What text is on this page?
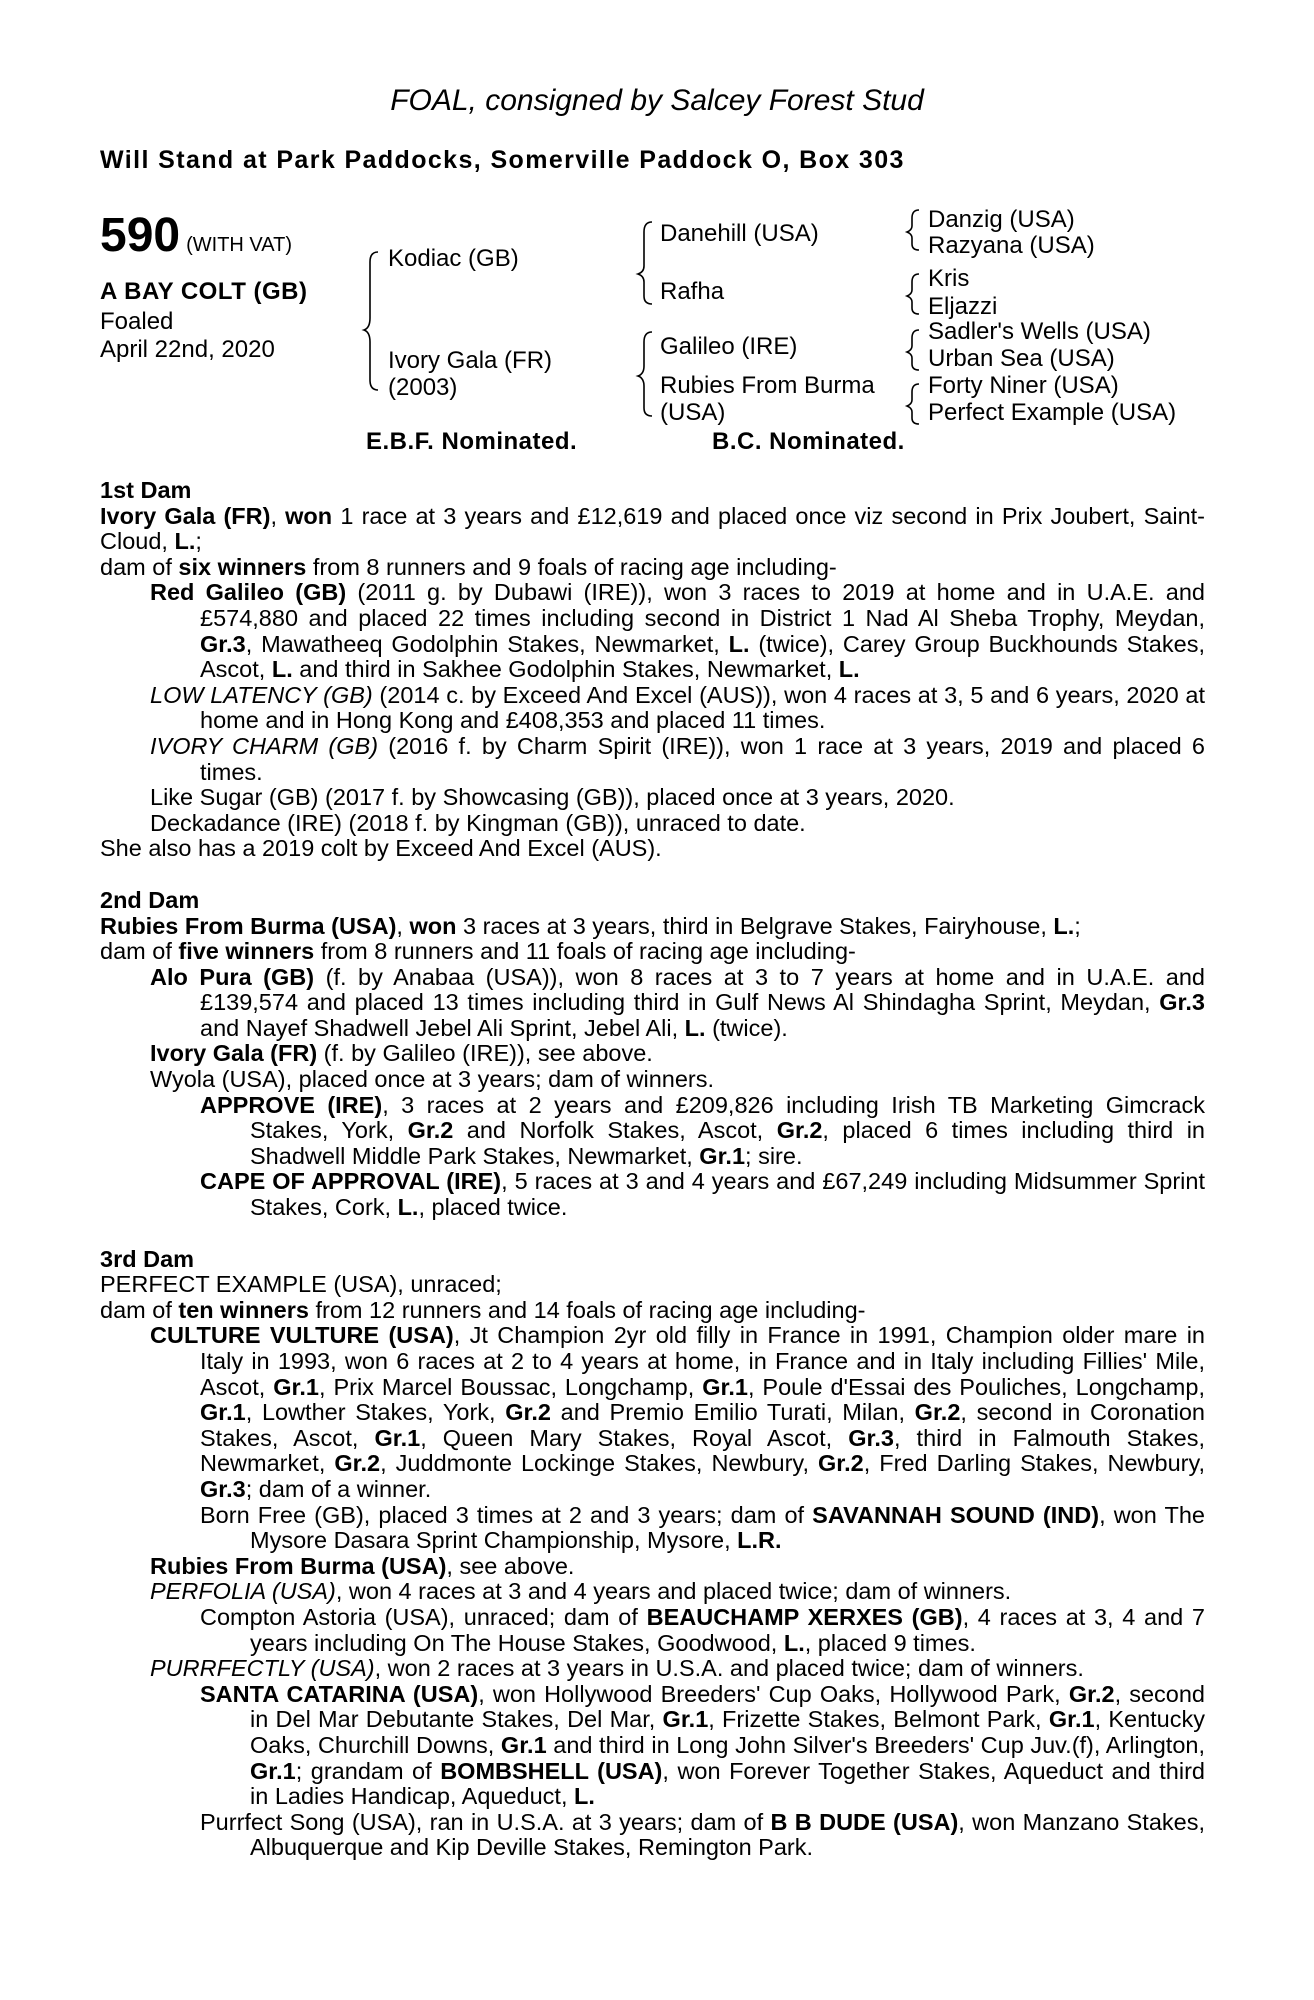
FOAL, consigned by Salcey Forest Stud
Will Stand at Park Paddocks, Somerville Paddock O, Box 303
590 (WITH VAT)
A BAY COLT (GB)
Foaled
April 22nd, 2020
Kodiac (GB)
Ivory Gala (FR)
(2003)
Danehill (USA)
Rafha
Galileo (IRE)
Rubies From Burma
(USA)
Danzig (USA)
Razyana (USA)
Kris
Eljazzi
Sadler's Wells (USA)
Urban Sea (USA)
Forty Niner (USA)
Perfect Example (USA)
E.B.F. Nominated.	B.C. Nominated.

1st Dam

Ivory Gala (FR), won 1 race at 3 years and £12,619 and placed once viz second in Prix Joubert, Saint-Cloud, L.;

dam of six winners from 8 runners and 9 foals of racing age including-

Red Galileo (GB) (2011 g. by Dubawi (IRE)), won 3 races to 2019 at home and in U.A.E. and £574,880 and placed 22 times including second in District 1 Nad Al Sheba Trophy, Meydan, Gr.3, Mawatheeq Godolphin Stakes, Newmarket, L. (twice), Carey Group Buckhounds Stakes, Ascot, L. and third in Sakhee Godolphin Stakes, Newmarket, L.

LOW LATENCY (GB) (2014 c. by Exceed And Excel (AUS)), won 4 races at 3, 5 and 6 years, 2020 at home and in Hong Kong and £408,353 and placed 11 times.

IVORY CHARM (GB) (2016 f. by Charm Spirit (IRE)), won 1 race at 3 years, 2019 and placed 6 times.

Like Sugar (GB) (2017 f. by Showcasing (GB)), placed once at 3 years, 2020.

Deckadance (IRE) (2018 f. by Kingman (GB)), unraced to date.

She also has a 2019 colt by Exceed And Excel (AUS).

2nd Dam

Rubies From Burma (USA), won 3 races at 3 years, third in Belgrave Stakes, Fairyhouse, L.;

dam of five winners from 8 runners and 11 foals of racing age including-

Alo Pura (GB) (f. by Anabaa (USA)), won 8 races at 3 to 7 years at home and in U.A.E. and £139,574 and placed 13 times including third in Gulf News Al Shindagha Sprint, Meydan, Gr.3 and Nayef Shadwell Jebel Ali Sprint, Jebel Ali, L. (twice).

Ivory Gala (FR) (f. by Galileo (IRE)), see above.

Wyola (USA), placed once at 3 years; dam of winners.

APPROVE (IRE), 3 races at 2 years and £209,826 including Irish TB Marketing Gimcrack Stakes, York, Gr.2 and Norfolk Stakes, Ascot, Gr.2, placed 6 times including third in Shadwell Middle Park Stakes, Newmarket, Gr.1; sire.

CAPE OF APPROVAL (IRE), 5 races at 3 and 4 years and £67,249 including Midsummer Sprint Stakes, Cork, L., placed twice.

3rd Dam

PERFECT EXAMPLE (USA), unraced;

dam of ten winners from 12 runners and 14 foals of racing age including-

CULTURE VULTURE (USA), Jt Champion 2yr old filly in France in 1991, Champion older mare in Italy in 1993, won 6 races at 2 to 4 years at home, in France and in Italy including Fillies' Mile, Ascot, Gr.1, Prix Marcel Boussac, Longchamp, Gr.1, Poule d'Essai des Pouliches, Longchamp, Gr.1, Lowther Stakes, York, Gr.2 and Premio Emilio Turati, Milan, Gr.2, second in Coronation Stakes, Ascot, Gr.1, Queen Mary Stakes, Royal Ascot, Gr.3, third in Falmouth Stakes, Newmarket, Gr.2, Juddmonte Lockinge Stakes, Newbury, Gr.2, Fred Darling Stakes, Newbury, Gr.3; dam of a winner.

Born Free (GB), placed 3 times at 2 and 3 years; dam of SAVANNAH SOUND (IND), won The Mysore Dasara Sprint Championship, Mysore, L.R.

Rubies From Burma (USA), see above.

PERFOLIA (USA), won 4 races at 3 and 4 years and placed twice; dam of winners.

Compton Astoria (USA), unraced; dam of BEAUCHAMP XERXES (GB), 4 races at 3, 4 and 7 years including On The House Stakes, Goodwood, L., placed 9 times.

PURRFECTLY (USA), won 2 races at 3 years in U.S.A. and placed twice; dam of winners.

SANTA CATARINA (USA), won Hollywood Breeders' Cup Oaks, Hollywood Park, Gr.2, second in Del Mar Debutante Stakes, Del Mar, Gr.1, Frizette Stakes, Belmont Park, Gr.1, Kentucky Oaks, Churchill Downs, Gr.1 and third in Long John Silver's Breeders' Cup Juv.(f), Arlington, Gr.1; grandam of BOMBSHELL (USA), won Forever Together Stakes, Aqueduct and third in Ladies Handicap, Aqueduct, L.

Purrfect Song (USA), ran in U.S.A. at 3 years; dam of B B DUDE (USA), won Manzano Stakes, Albuquerque and Kip Deville Stakes, Remington Park.
